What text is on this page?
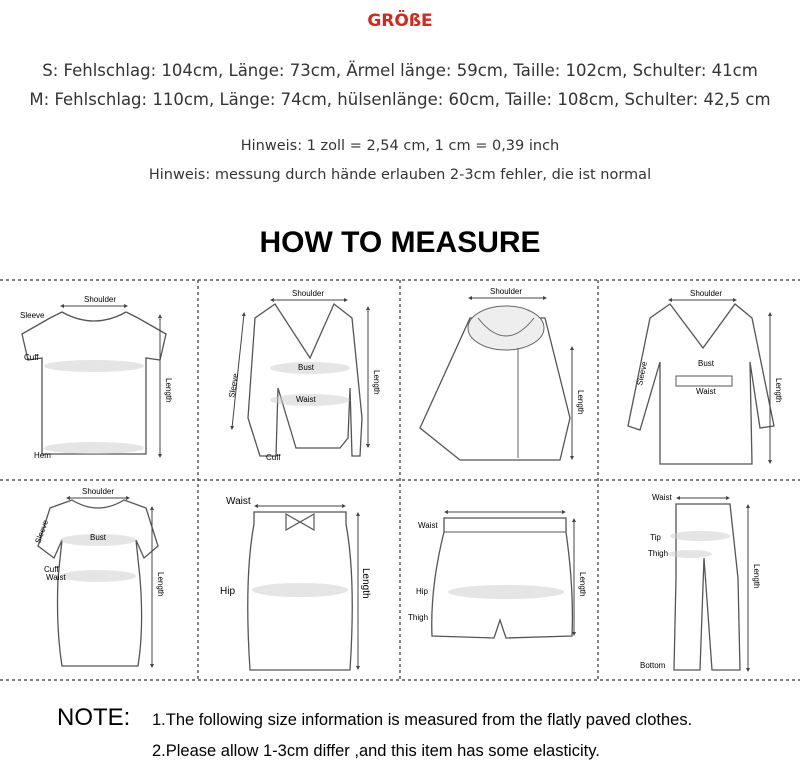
GRÖßE
S: Fehlschlag: 104cm, Länge: 73cm, Ärmel länge: 59cm, Taille: 102cm, Schulter: 41cm
M: Fehlschlag: 110cm, Länge: 74cm, hülsenlänge: 60cm, Taille: 108cm, Schulter: 42,5 cm
Hinweis: 1 zoll = 2,54 cm, 1 cm = 0,39 inch
Hinweis: messung durch hände erlauben 2-3cm fehler, die ist normal
HOW TO MEASURE
Shoulder
Sleeve
Cuff
Hem
Length
Shoulder
Bust
Waist
Cuff
Length
Sleeve
Shoulder
Length
Shoulder
Bust
Waist
Sleeve
Length
Shoulder
Bust
Cuff
Waist
Sleeve
Length
Waist
Hip	Length
Waist
Hip
Thigh
Length
Waist
Tip
Thigh
Bottom
Length
NOTE: 1.The following size information is measured from the flatly paved clothes.
2.Please allow 1-3cm differ ,and this item has some elasticity.
